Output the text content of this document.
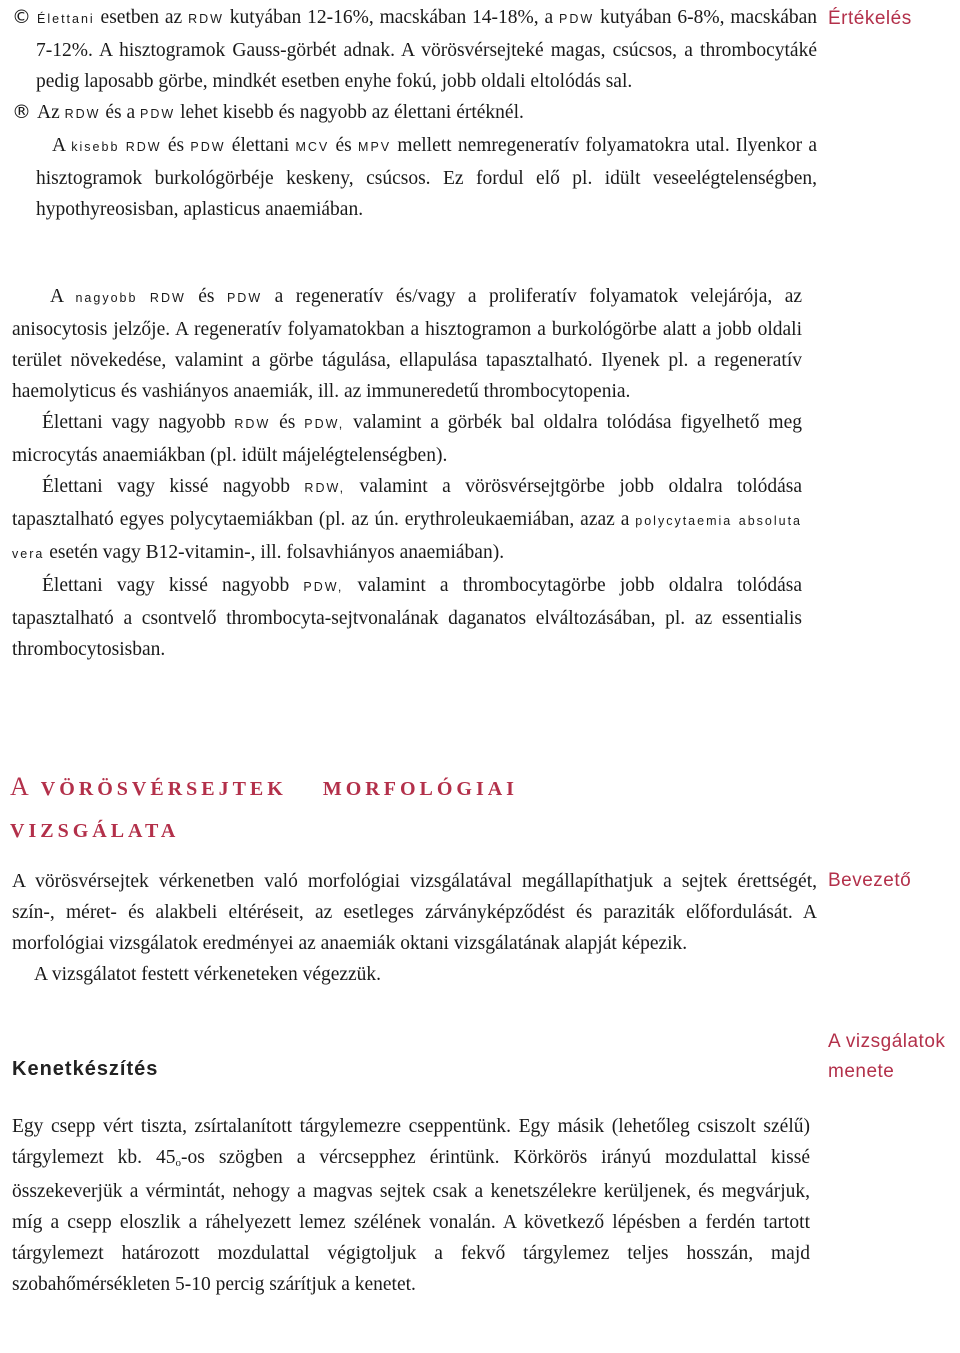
© Élettani esetben az RDW kutyában 12-16%, macskában 14-18%, a PDW kutyában 6-8%, macskában 7-12%. A hisztogramok Gauss-görbét adnak. A vörösvérsejteké magas, csúcsos, a thrombocytáké pedig laposabb görbe, mindkét esetben enyhe fokú, jobb oldali eltolódás sal.

® Az RDW és a PDW lehet kisebb és nagyobb az élettani értéknél.

A kisebb RDW és PDW élettani MCV és MPV mellett nemregeneratív folyamatokra utal. Ilyenkor a hisztogramok burkológörbéje keskeny, csúcsos. Ez fordul elő pl. idült veseelégtelenségben, hypothyreosisban, aplasticus anaemiában.

A nagyobb RDW és PDW a regeneratív és/vagy a proliferatív folyamatok velejárója, az anisocytosis jelzője. A regeneratív folyamatokban a hisztogramon a burkológörbe alatt a jobb oldali terület növekedése, valamint a görbe tágulása, ellapulása tapasztalható. Ilyenek pl. a regeneratív haemolyticus és vashiányos anaemiák, ill. az immuneredetű thrombocytopenia.

Élettani vagy nagyobb RDW és PDW, valamint a görbék bal oldalra tolódása figyelhető meg microcytás anaemiákban (pl. idült májelégtelenségben).

Élettani vagy kissé nagyobb RDW, valamint a vörösvérsejtgörbe jobb oldalra tolódása tapasztalható egyes polycytaemiákban (pl. az ún. erythroleukaemiában, azaz a polycytaemia absoluta vera esetén vagy B12-vitamin-, ill. folsavhiányos anaemiában).

Élettani vagy kissé nagyobb PDW, valamint a thrombocytagörbe jobb oldalra tolódása tapasztalható a csontvelő thrombocyta-sejtvonalának daganatos elváltozásában, pl. az essentialis thrombocytosisban.

Értékelés
Bevezető
A vizsgálatok menete
A VÖRÖSVÉRSEJTEK MORFOLÓGIAI
VIZSGÁLATA

A vörösvérsejtek vérkenetben való morfológiai vizsgálatával megállapíthatjuk a sejtek érettségét, szín-, méret- és alakbeli eltéréseit, az esetleges zárványképződést és paraziták előfordulását. A morfológiai vizsgálatok eredményei az anaemiák oktani vizsgálatának alapját képezik.

A vizsgálatot festett vérkeneteken végezzük.

Kenetkészítés

Egy csepp vért tiszta, zsírtalanított tárgylemezre cseppentünk. Egy másik (lehetőleg csiszolt szélű) tárgylemezt kb. $45_o-os$ szögben a vércsepphez érintünk. Körkörös irányú mozdulattal kissé összekeverjük a vérmintát, nehogy a magvas sejtek csak a kenetszélekre kerüljenek, és megvárjuk, míg a csepp eloszlik a ráhelyezett lemez szélének vonalán. A következő lépésben a ferdén tartott tárgylemezt határozott mozdulattal végigtoljuk a fekvő tárgylemez teljes hosszán, majd szobahőmérsékleten 5-10 percig szárítjuk a kenetet.
